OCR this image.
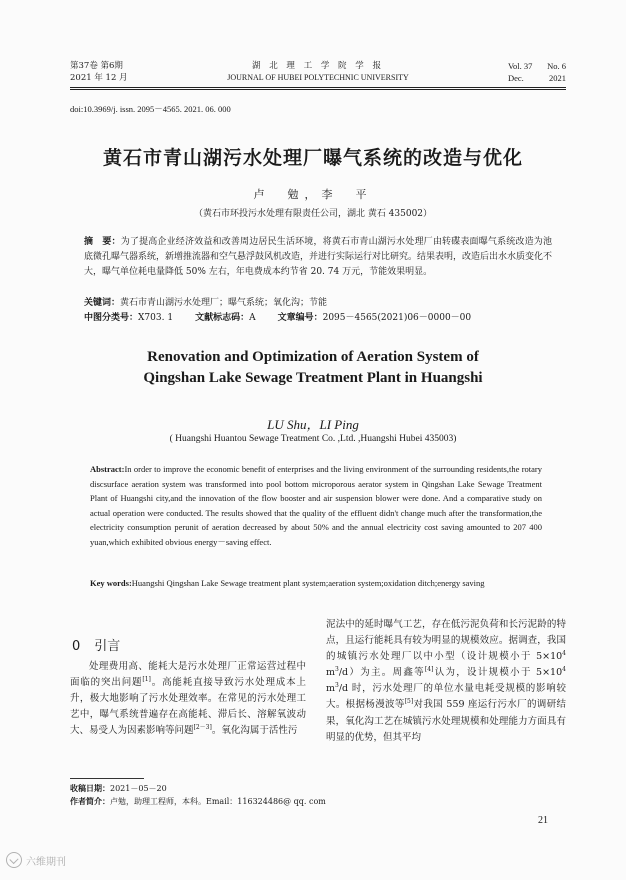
第37卷 第6期
2021 年 12 月
湖 北 理 工 学 院 学 报
JOURNAL OF HUBEI POLYTECHNIC UNIVERSITY
Vol. 37 No. 6
Dec.	2021
doi:10.3969/j. issn. 2095－4565. 2021. 06. 000
黄石市青山湖污水处理厂曝气系统的改造与优化
卢　勉，李　平
（黄石市环投污水处理有限责任公司，湖北 黄石 435002）
摘　要：为了提高企业经济效益和改善周边居民生活环境，将黄石市青山湖污水处理厂由转碟表面曝气系统改造为池底微孔曝气器系统，新增推流器和空气悬浮鼓风机改造，并进行实际运行对比研究。结果表明，改造后出水水质变化不大，曝气单位耗电量降低 50% 左右，年电费成本约节省 20. 74 万元，节能效果明显。
关键词：黄石市青山湖污水处理厂；曝气系统；氧化沟；节能
中图分类号：X703. 1 文献标志码：A 文章编号：2095－4565(2021)06－0000－00
Renovation and Optimization of Aeration System of
Qingshan Lake Sewage Treatment Plant in Huangshi
LU Shu，LI Ping
( Huangshi Huantou Sewage Treatment Co. ,Ltd. ,Huangshi Hubei 435003)
Abstract:In order to improve the economic benefit of enterprises and the living environment of the surrounding residents,the rotary discsurface aeration system was transformed into pool bottom microporous aerator system in Qingshan Lake Sewage Treatment Plant of Huangshi city,and the innovation of the flow booster and air suspension blower were done. And a comparative study on actual operation were conducted. The results showed that the quality of the effluent didn't change much after the transformation,the electricity consumption perunit of aeration decreased by about 50% and the annual electricity cost saving amounted to 207 400 yuan,which exhibited obvious energy－saving effect.
Key words:Huangshi Qingshan Lake Sewage treatment plant system;aeration system;oxidation ditch;energy saving
0 引言
处理费用高、能耗大是污水处理厂正常运营过程中面临的突出问题[1]。高能耗直接导致污水处理成本上升，极大地影响了污水处理效率。在常见的污水处理工艺中，曝气系统普遍存在高能耗、滞后长、溶解氧波动大、易受人为因素影响等问题[2－3]。氧化沟属于活性污
泥法中的延时曝气工艺，存在低污泥负荷和长污泥龄的特点，且运行能耗具有较为明显的规模效应。据调查，我国的城镇污水处理厂以中小型（设计规模小于 $5\times 10^4$ $m^3/d$）为主。周鑫等[4]认为，设计规模小于 $5\times 10^4$ $m^3/d$ 时，污水处理厂的单位水量电耗受规模的影响较大。根据杨漫波等[5]对我国 559 座运行污水厂的调研结果，氧化沟工艺在城镇污水处理规模和处理能力方面具有明显的优势，但其平均
收稿日期：2021－05－20
作者简介：卢勉，助理工程师，本科。Email：116324486@ qq. com
21
六维期刊
